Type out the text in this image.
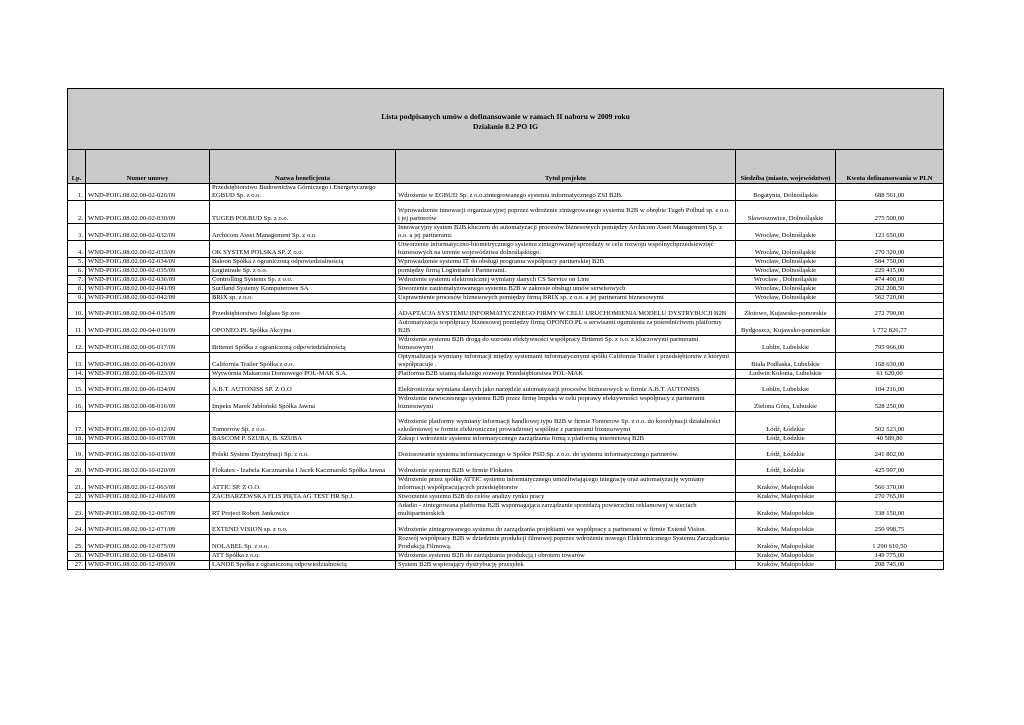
Lista podpisanych umów o dofinansowanie w ramach II naboru w 2009 roku
Działanie 8.2 PO IG					

Lp.	Numer umowy	Nazwa beneficjenta	Tytuł projektu	Siedziba (miasto, województwo)	Kwota dofinansowania w PLN
1.	WND-POIG.08.02.00-02-026/09	Przedsiębiorstwo Budownictwa Górniczego i Energetycznego EGBUD Sp. z o.o.	Wdrożenie w EGBUD Sp. z o.o.zintegrowanego systemu informatycznego ZSI B2B.	Bogatynia, Dolnośląskie	688 561,00
2.	WND-POIG.08.02.00-02-030/09	TUGEB POLBUD Sp. z o.o.	Wprowadzenie innowacji organizacyjnej poprzez wdrożenie zintegrowanego systemu B2B w obrębie Tugeb Polbud sp. z o.o. i jej partnerów	Sławoszowice, Dolnośląskie	275 500,00
3.	WND-POIG.08.02.00-02-032/09	Archicom Asset Management Sp. z o.o.	Innowacyjny system B2B kluczem do automatyzacji procesów biznesowych pomiędzy Archicom Asset Management Sp. z o.o. a jej partnerami.	Wrocław, Dolnośląskie	123 650,00
4.	WND-POIG.08.02.00-02-033/09	OK SYSTEM POLSKA SP. Z o.o.	Utworzenie informatyczno-biometrycznego systemu zintegrowanej sprzedaży w celu rozwoju wspólnychprzedsiewzięć biznesowych na terenie województwa dolnośląskiego.	Wrocław, Dolnośląskie	270 320,00
5.	WND-POIG.08.02.00-02-034/09	Baloon Spółka z ograniczoną odpowiedzialnością	Wprowadzenie systemu IT do obsługi programu współpracy partnerskiej B2B	Wrocław, Dolnośląskie	584 750,00
6.	WND-POIG.08.02.00-02-035/09	Logintrade Sp. z o.o.	pomiędzy firmą Logintrade i Partnerami.	Wrocław, Dolnośląskie	229 415,00
7.	WND-POIG.08.02.00-02-036/09	Controlling Systems Sp. z o.o.	Wdrożenie systemu elektronicznej wymiany danych CS Service on Line	Wrocław , Dolnośląskie	474 490,00
8.	WND-POIG.08.02.00-02-041/09	Surfland Systemy Komputerowe SA	Stworzenie zautomatyzowanego systemu B2B w zakresie obsługi umów serwisowych	Wrocław, Dolnośląskie	262 208,50
9.	WND-POIG.08.02.00-02-042/09	BRIX sp. z o.o.	Usprawnienie procesów biznesowych pomiędzy firmą BRIX sp. z o.o. a jej partnerami biznesowymi	Wrocław, Dolnośląskie	562 720,00
10.	WND-POIG.08.02.00-04-015/09	Przedsiębiorstwo Jolglass Sp zoo	ADAPTACJA SYSTEMU INFORMATYCZNEGO FIRMY W CELU URUCHOMIENIA MODELU DYSTRYBUCJI B2B	Złotowo, Kujawsko-pomorskie	272 790,00
11.	WND-POIG.08.02.00-04-016/09	OPONEO.PL Spółka Akcyjna	Automatyzacja współpracy biznesowej pomiędzy firmą OPONEO.PL a serwisami ogumienia za pośrednictwem platformy B2B	Bydgoszcz, Kujawsko-pomorskie	1 772 826,77
12.	WND-POIG.08.02.00-06-017/09	Britenet Spółka z ograniczoną odpowiedzialnością	Wdrożenie systemu B2B drogą do wzrostu efektywności współpracy Britenet Sp. z o.o. z kluczowymi partnerami biznesowymi	Lublin, Lubelskie	795 966,00
13.	WND-POIG.08.02.00-06-020/09	California Trailer Spółka z o.o.	Optymalizacja wymiany informacji między systemami informatycznymi spółki California Trailer i przedsiębiorstw z którymi współpracuje .	Biała Podlaska, Lubelskie	168 630,00
14.	WND-POIG.08.02.00-06-023/09	Wytwórnia Makaronu Domowego POL-MAK S.A.	Platforma B2B szansą dalszego rozwoju Przedsiębiorstwa POL-MAK	Ludwin Kolonia, Lubelskie	61 620,00
15.	WND-POIG.08.02.00-06-024/09	A.B.T. AUTONISS SP. Z O.O	Elektroniczna wymiana danych jako narzędzie automatyzacji procesów biznesowych w firmie A.B.T. AUTONISS	Lublin, Lubelskie	104 216,00
16.	WND-POIG.08.02.00-08-016/09	Impeks Marek Jabłoński Spółka Jawna	Wdrożenie nowoczesnego systemu B2B przez firmę Impeks w celu poprawy efektywności współpracy z partnerami biznesowymi	Zielona Góra, Lubuskie	528 250,00
17.	WND-POIG.08.02.00-10-012/09	Tomorrow Sp. z o.o.	Wdrożenie platformy wymiany informacji handlowej typu B2B w firmie Tomorrow Sp. z o.o. do koordynacji działalności szkoleniowej w formie elektronicznej prowadzonej wspólnie z partnerami biznesowymi	Łódź, Łódzkie	502 523,00
18.	WND-POIG.08.02.00-10-017/09	BASCOM P. SZUBA, B. SZUBA	Zakup i wdrożenie systemu informatycznego zarządzania firmą z platformą internetową B2B	Łódź, Łódzkie	40 589,80
19.	WND-POIG.08.02.00-10-019/09	Polski System Dystrybucji Sp. z o.o.	Dostosowanie systemu informatycznego w Spółce PSD Sp. z o.o. do systemu informatycznego partnerów.	Łódź, Łódzkie	241 802,00
20.	WND-POIG.08.02.00-10-020/09	Flokatex - Izabela Kaczmarska I Jacek Kaczmarski Spółka Jawna	Wdrożenie systemu B2B w firmie Flokatex	Łódź, Łódzkie	425 997,00
21.	WND-POIG.08.02.00-12-063/09	ATTIC SP. Z O.O.	Wdrożenie przez spółkę ATTIC systemu informatycznego umożliwiającego integrację oraz automatyzację wymiany informacji współpracujących przedsiębiorstw	Kraków, Małopolskie	566 370,00
22.	WND-POIG.08.02.00-12-066/09	ZACHARZEWSKA FLIS PIĘTA AG TEST HR Sp.J.	Stworzenie systemu B2B do celów analizy rynku pracy	Kraków, Małopolskie	270 765,00
23.	WND-POIG.08.02.00-12-067/09	RT Project Robert Jankowicz	Adadio - zintegrowana platforma B2B wspomagająca zarządzanie sprzedażą powierzchni reklamowej w sieciach multipartnerskich	Kraków, Małopolskie	338 150,00
24.	WND-POIG.08.02.00-12-071/09	EXTEND VISION sp. z o.o.	Wdrożenie zintegrowanego systemu do zarządzania projektami we współpracy z partnerami w firmie Extend Vision.	Kraków, Małopolskie	250 998,75
25.	WND-POIG.08.02.00-12-075/09	NOLABEL Sp. z o.o.	Rozwój współpracy B2B w dziedzinie produkcji filmowej poprzez wdrożenie nowego Elektronicznego Systemu Zarządzania Produkcją Filmową.	Kraków, Małopolskie	1 290 610,50
26.	WND-POIG.08.02.00-12-084/09	ATT Spółka z o.o.	Wdrożenie systemu B2B do zarządzania produkcją i obrotem towarów	Kraków, Małopolskie	149 775,00
27.	WND-POIG.08.02.00-12-093/09	LANDE Spółka z ograniczoną odpowiedzialnością	System B2B wspierający dystrybucję przesyłek	Kraków, Małopolskie	208 745,00
